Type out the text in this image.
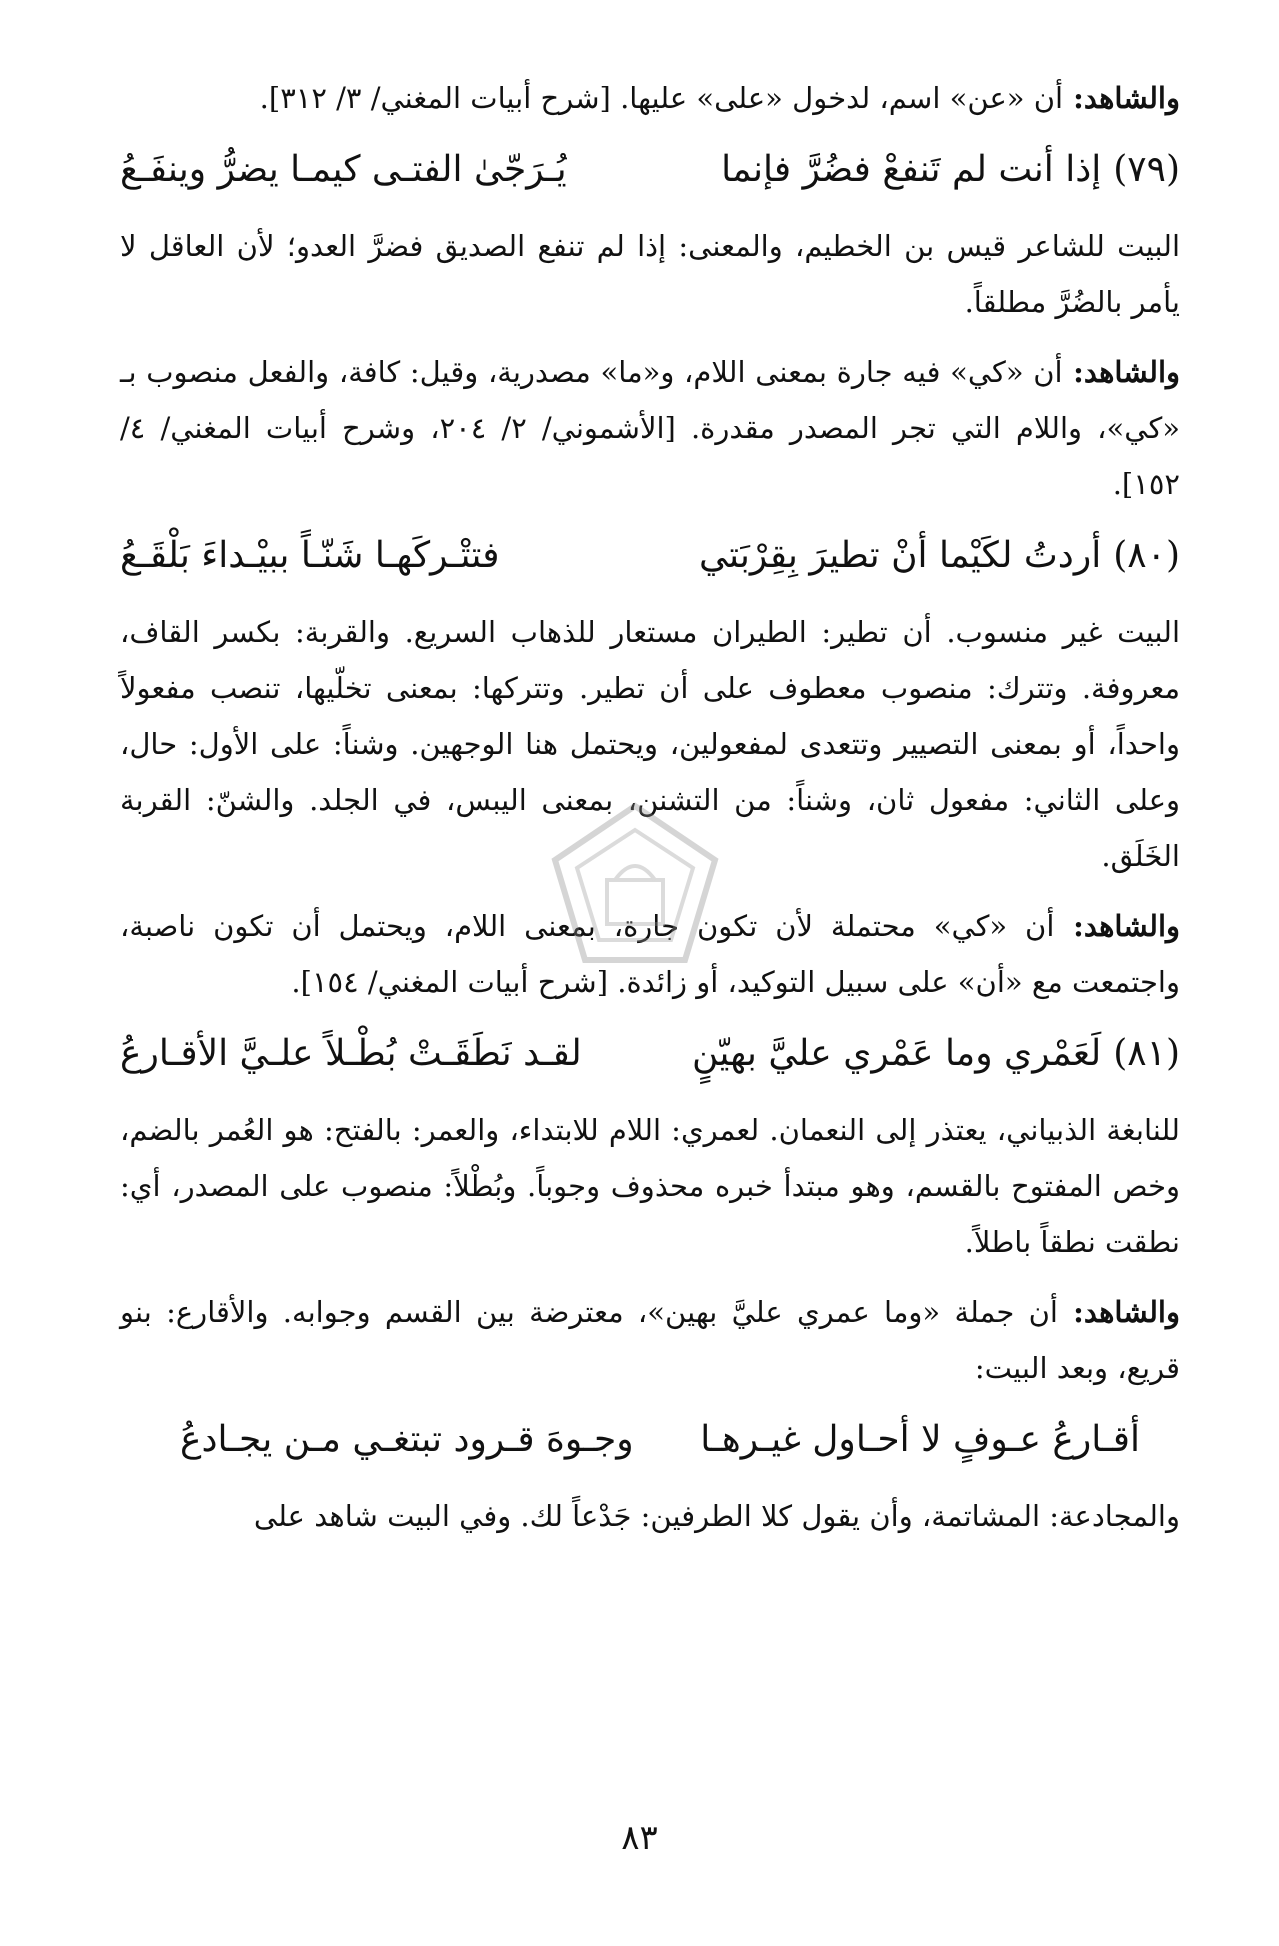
والشاهد: أن «عن» اسم، لدخول «على» عليها. [شرح أبيات المغني/ ٣/ ٣١٢].

(٧٩)
إذا أنت لم تَنفعْ فضُرَّ فإنما
يُـرَجّىٰ الفتـى كيمـا يضرُّ وينفَـعُ

البيت للشاعر قيس بن الخطيم، والمعنى: إذا لم تنفع الصديق فضرَّ العدو؛ لأن العاقل لا يأمر بالضُرَّ مطلقاً.

والشاهد: أن «كي» فيه جارة بمعنى اللام، و«ما» مصدرية، وقيل: كافة، والفعل منصوب بـ «كي»، واللام التي تجر المصدر مقدرة. [الأشموني/ ٢/ ٢٠٤، وشرح أبيات المغني/ ٤/ ١٥٢].

(٨٠)
أردتُ لكَيْما أنْ تطيرَ بِقِرْبَتي
فتتْـركَهـا شَنّـاً ببيْـداءَ بَلْقَـعُ

البيت غير منسوب. أن تطير: الطيران مستعار للذهاب السريع. والقربة: بكسر القاف، معروفة. وتترك: منصوب معطوف على أن تطير. وتتركها: بمعنى تخلّيها، تنصب مفعولاً واحداً، أو بمعنى التصيير وتتعدى لمفعولين، ويحتمل هنا الوجهين. وشناً: على الأول: حال، وعلى الثاني: مفعول ثان، وشناً: من التشنن، بمعنى اليبس، في الجلد. والشنّ: القربة الخَلَق.

والشاهد: أن «كي» محتملة لأن تكون جارة، بمعنى اللام، ويحتمل أن تكون ناصبة، واجتمعت مع «أن» على سبيل التوكيد، أو زائدة. [شرح أبيات المغني/ ١٥٤].

(٨١)
لَعَمْري وما عَمْري عليَّ بهيّنٍ
لقـد نَطَقَـتْ بُطْـلاً علـيَّ الأقـارعُ

للنابغة الذبياني، يعتذر إلى النعمان. لعمري: اللام للابتداء، والعمر: بالفتح: هو العُمر بالضم، وخص المفتوح بالقسم، وهو مبتدأ خبره محذوف وجوباً. وبُطْلاً: منصوب على المصدر، أي: نطقت نطقاً باطلاً.

والشاهد: أن جملة «وما عمري عليَّ بهين»، معترضة بين القسم وجوابه. والأقارع: بنو قريع، وبعد البيت:

أقـارعُ عـوفٍ لا أحـاول غيـرهـا
وجـوهَ قـرود تبتغـي مـن يجـادعُ

والمجادعة: المشاتمة، وأن يقول كلا الطرفين: جَدْعاً لك. وفي البيت شاهد على

٨٣
